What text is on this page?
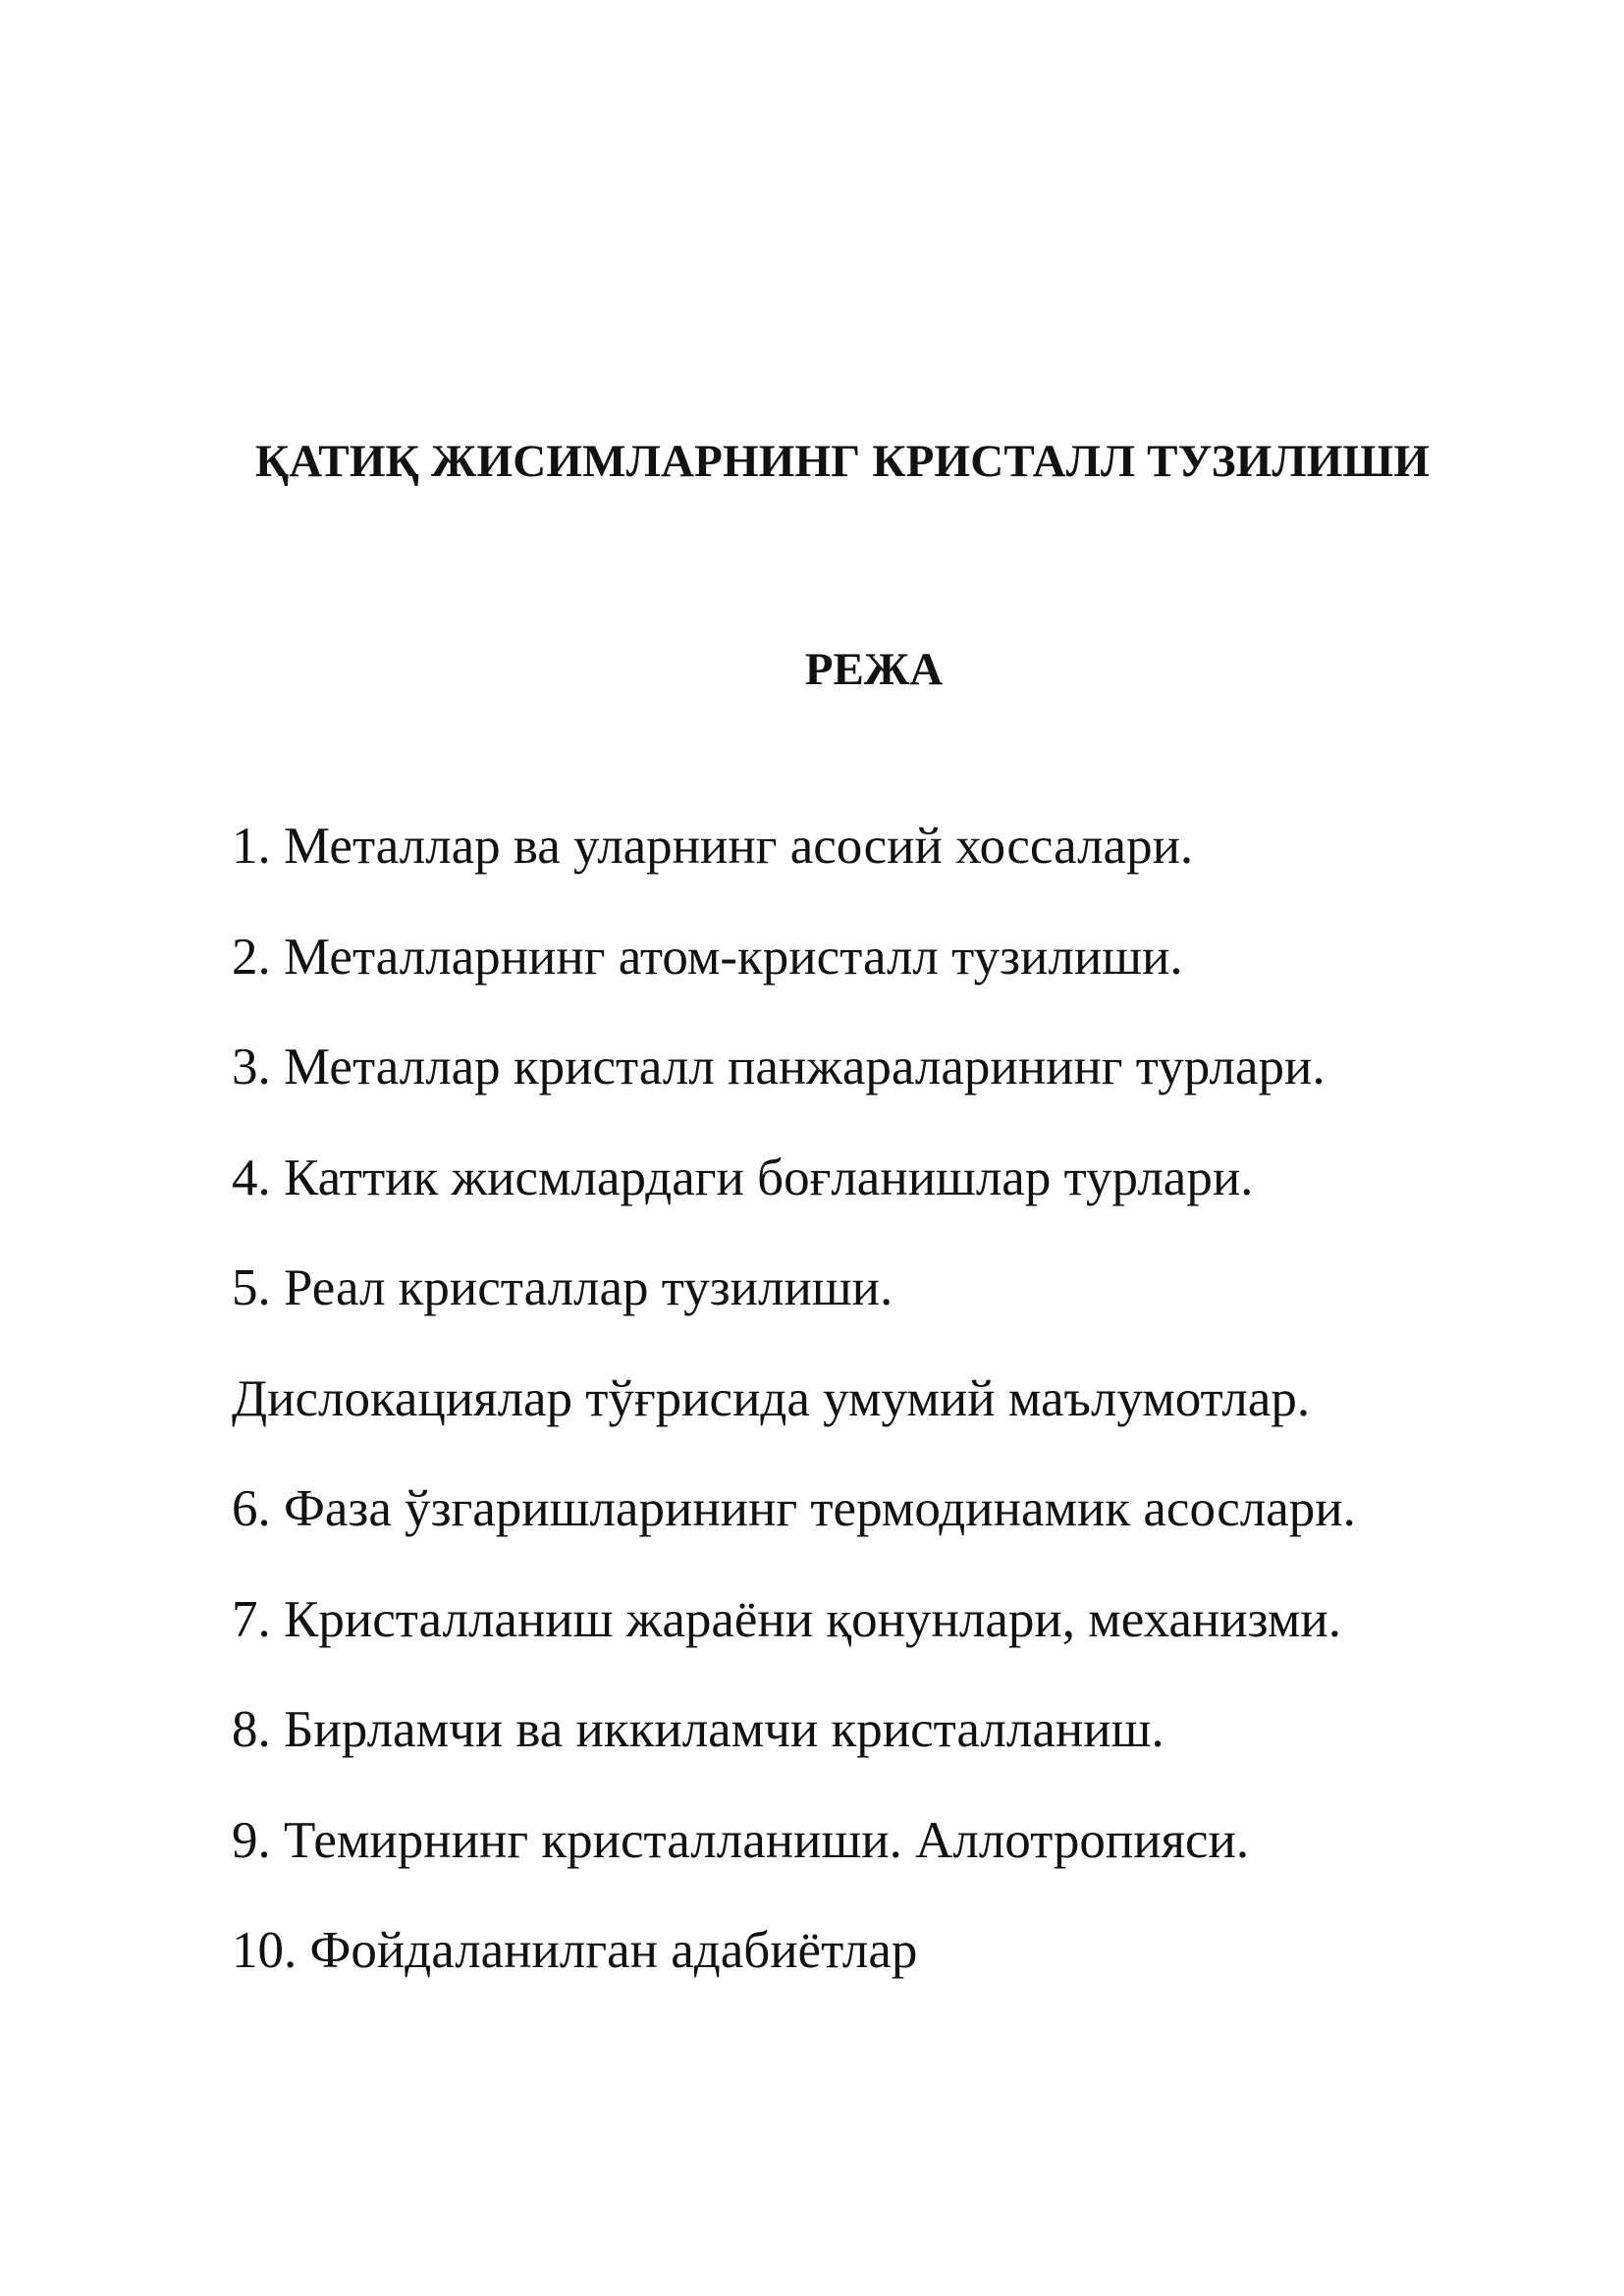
ҚАТИҚ ЖИСИМЛАРНИНГ КРИСТАЛЛ ТУЗИЛИШИ
РЕЖА
1. Металлар ва уларнинг асосий хоссалари.
2. Металларнинг атом-кристалл тузилиши.
3. Металлар кристалл панжараларининг турлари.
4. Каттик жисмлардаги боғланишлар турлари.
5. Реал кристаллар тузилиши.
Дислокациялар тўғрисида умумий маълумотлар.
6. Фаза ўзгаришларининг термодинамик асослари.
7. Кристалланиш жараёни қонунлари, механизми.
8. Бирламчи ва иккиламчи кристалланиш.
9. Темирнинг кристалланиши. Аллотропияси.
10. Фойдаланилган адабиётлар
